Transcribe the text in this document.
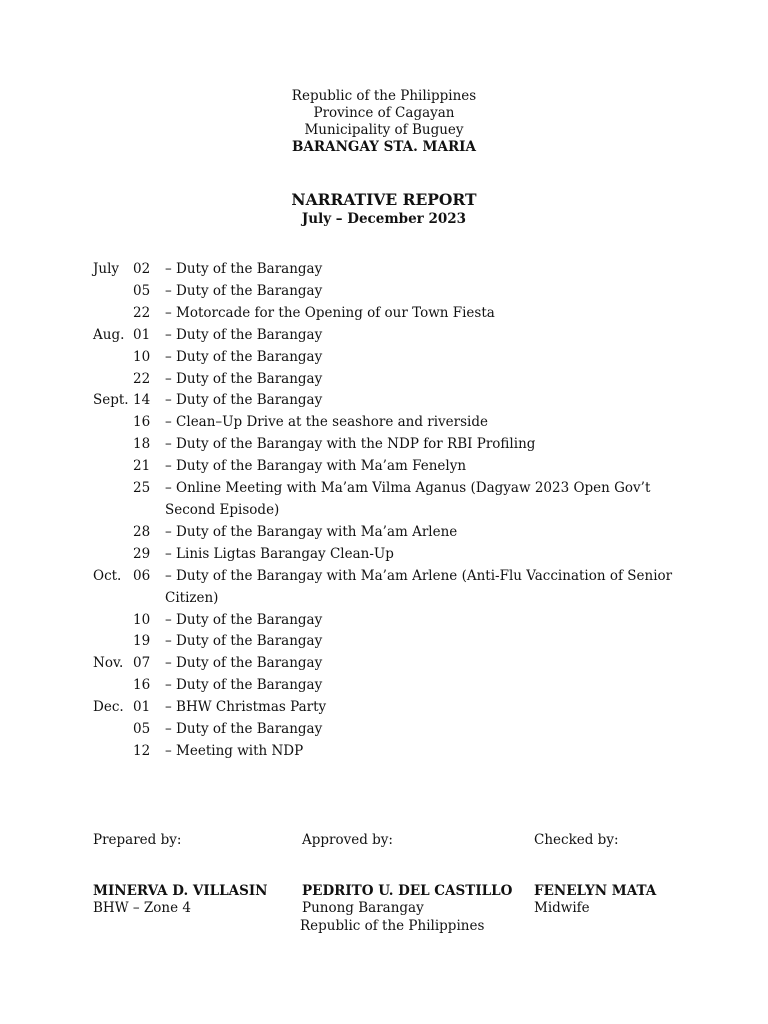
Republic of the Philippines
Province of Cagayan
Municipality of Buguey
BARANGAY STA. MARIA
NARRATIVE REPORT
July – December 2023
July 02 – Duty of the Barangay
05 – Duty of the Barangay
22 – Motorcade for the Opening of our Town Fiesta
Aug. 01 – Duty of the Barangay
10 – Duty of the Barangay
22 – Duty of the Barangay
Sept. 14 – Duty of the Barangay
16 – Clean–Up Drive at the seashore and riverside
18 – Duty of the Barangay with the NDP for RBI Profiling
21 – Duty of the Barangay with Ma’am Fenelyn
25 – Online Meeting with Ma’am Vilma Aganus (Dagyaw 2023 Open Gov’t Second Episode)
28 – Duty of the Barangay with Ma’am Arlene
29 – Linis Ligtas Barangay Clean-Up
Oct. 06 – Duty of the Barangay with Ma’am Arlene (Anti-Flu Vaccination of Senior Citizen)
10 – Duty of the Barangay
19 – Duty of the Barangay
Nov. 07 – Duty of the Barangay
16 – Duty of the Barangay
Dec. 01 – BHW Christmas Party
05 – Duty of the Barangay
12 – Meeting with NDP
Prepared by:
MINERVA D. VILLASIN
BHW – Zone 4
Approved by:
PEDRITO U. DEL CASTILLO
Punong Barangay
Republic of the Philippines
Checked by:
FENELYN MATA
Midwife
